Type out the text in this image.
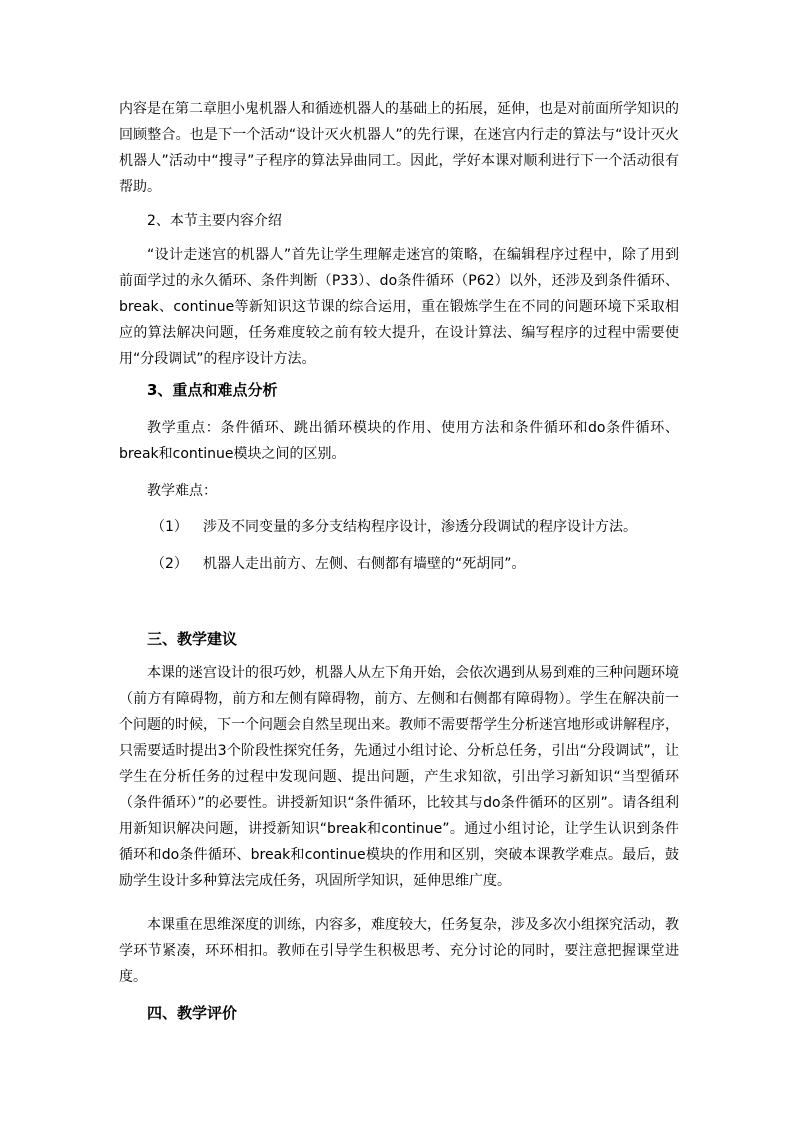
内容是在第二章胆小鬼机器人和循迹机器人的基础上的拓展，延伸，也是对前面所学知识的回顾整合。也是下一个活动“设计灭火机器人”的先行课，在迷宫内行走的算法与“设计灭火机器人”活动中“搜寻”子程序的算法异曲同工。因此，学好本课对顺利进行下一个活动很有帮助。

2、本节主要内容介绍

“设计走迷宫的机器人”首先让学生理解走迷宫的策略，在编辑程序过程中，除了用到前面学过的永久循环、条件判断（P33）、do条件循环（P62）以外，还涉及到条件循环、break、continue等新知识这节课的综合运用，重在锻炼学生在不同的问题环境下采取相应的算法解决问题，任务难度较之前有较大提升，在设计算法、编写程序的过程中需要使用“分段调试”的程序设计方法。

3、重点和难点分析

教学重点：条件循环、跳出循环模块的作用、使用方法和条件循环和do条件循环、break和continue模块之间的区别。

教学难点：

（1） 涉及不同变量的多分支结构程序设计，渗透分段调试的程序设计方法。

（2） 机器人走出前方、左侧、右侧都有墙壁的“死胡同”。

三、教学建议

本课的迷宫设计的很巧妙，机器人从左下角开始，会依次遇到从易到难的三种问题环境（前方有障碍物，前方和左侧有障碍物，前方、左侧和右侧都有障碍物）。学生在解决前一个问题的时候，下一个问题会自然呈现出来。教师不需要帮学生分析迷宫地形或讲解程序，只需要适时提出3个阶段性探究任务，先通过小组讨论、分析总任务，引出“分段调试”，让学生在分析任务的过程中发现问题、提出问题，产生求知欲，引出学习新知识“当型循环（条件循环）”的必要性。讲授新知识“条件循环，比较其与do条件循环的区别”。请各组利用新知识解决问题，讲授新知识“break和continue”。通过小组讨论，让学生认识到条件循环和do条件循环、break和continue模块的作用和区别，突破本课教学难点。最后，鼓励学生设计多种算法完成任务，巩固所学知识，延伸思维广度。

本课重在思维深度的训练，内容多，难度较大，任务复杂，涉及多次小组探究活动，教学环节紧凑，环环相扣。教师在引导学生积极思考、充分讨论的同时，要注意把握课堂进度。

四、教学评价
